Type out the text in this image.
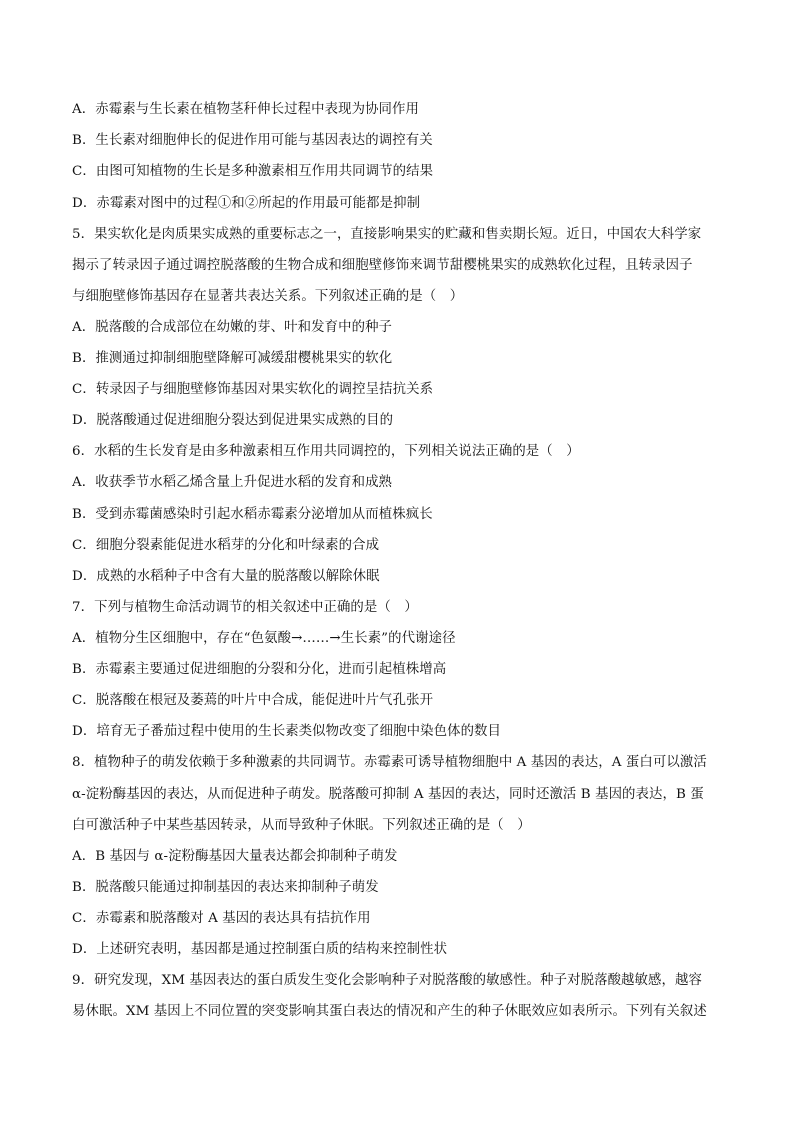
A．赤霉素与生长素在植物茎秆伸长过程中表现为协同作用
B．生长素对细胞伸长的促进作用可能与基因表达的调控有关
C．由图可知植物的生长是多种激素相互作用共同调节的结果
D．赤霉素对图中的过程①和②所起的作用最可能都是抑制
5．果实软化是肉质果实成熟的重要标志之一，直接影响果实的贮藏和售卖期长短。近日，中国农大科学家
揭示了转录因子通过调控脱落酸的生物合成和细胞壁修饰来调节甜樱桃果实的成熟软化过程，且转录因子
与细胞壁修饰基因存在显著共表达关系。下列叙述正确的是（　）
A．脱落酸的合成部位在幼嫩的芽、叶和发育中的种子
B．推测通过抑制细胞壁降解可减缓甜樱桃果实的软化
C．转录因子与细胞壁修饰基因对果实软化的调控呈拮抗关系
D．脱落酸通过促进细胞分裂达到促进果实成熟的目的
6．水稻的生长发育是由多种激素相互作用共同调控的，下列相关说法正确的是（　）
A．收获季节水稻乙烯含量上升促进水稻的发育和成熟
B．受到赤霉菌感染时引起水稻赤霉素分泌增加从而植株疯长
C．细胞分裂素能促进水稻芽的分化和叶绿素的合成
D．成熟的水稻种子中含有大量的脱落酸以解除休眠
7．下列与植物生命活动调节的相关叙述中正确的是（　）
A．植物分生区细胞中，存在“色氨酸→……→生长素”的代谢途径
B．赤霉素主要通过促进细胞的分裂和分化，进而引起植株增高
C．脱落酸在根冠及萎蔫的叶片中合成，能促进叶片气孔张开
D．培育无子番茄过程中使用的生长素类似物改变了细胞中染色体的数目
8．植物种子的萌发依赖于多种激素的共同调节。赤霉素可诱导植物细胞中 A 基因的表达，A 蛋白可以激活
α-淀粉酶基因的表达，从而促进种子萌发。脱落酸可抑制 A 基因的表达，同时还激活 B 基因的表达，B 蛋
白可激活种子中某些基因转录，从而导致种子休眠。下列叙述正确的是（　）
A．B 基因与 α-淀粉酶基因大量表达都会抑制种子萌发
B．脱落酸只能通过抑制基因的表达来抑制种子萌发
C．赤霉素和脱落酸对 A 基因的表达具有拮抗作用
D．上述研究表明，基因都是通过控制蛋白质的结构来控制性状
9．研究发现，XM 基因表达的蛋白质发生变化会影响种子对脱落酸的敏感性。种子对脱落酸越敏感，越容
易休眠。XM 基因上不同位置的突变影响其蛋白表达的情况和产生的种子休眠效应如表所示。下列有关叙述
